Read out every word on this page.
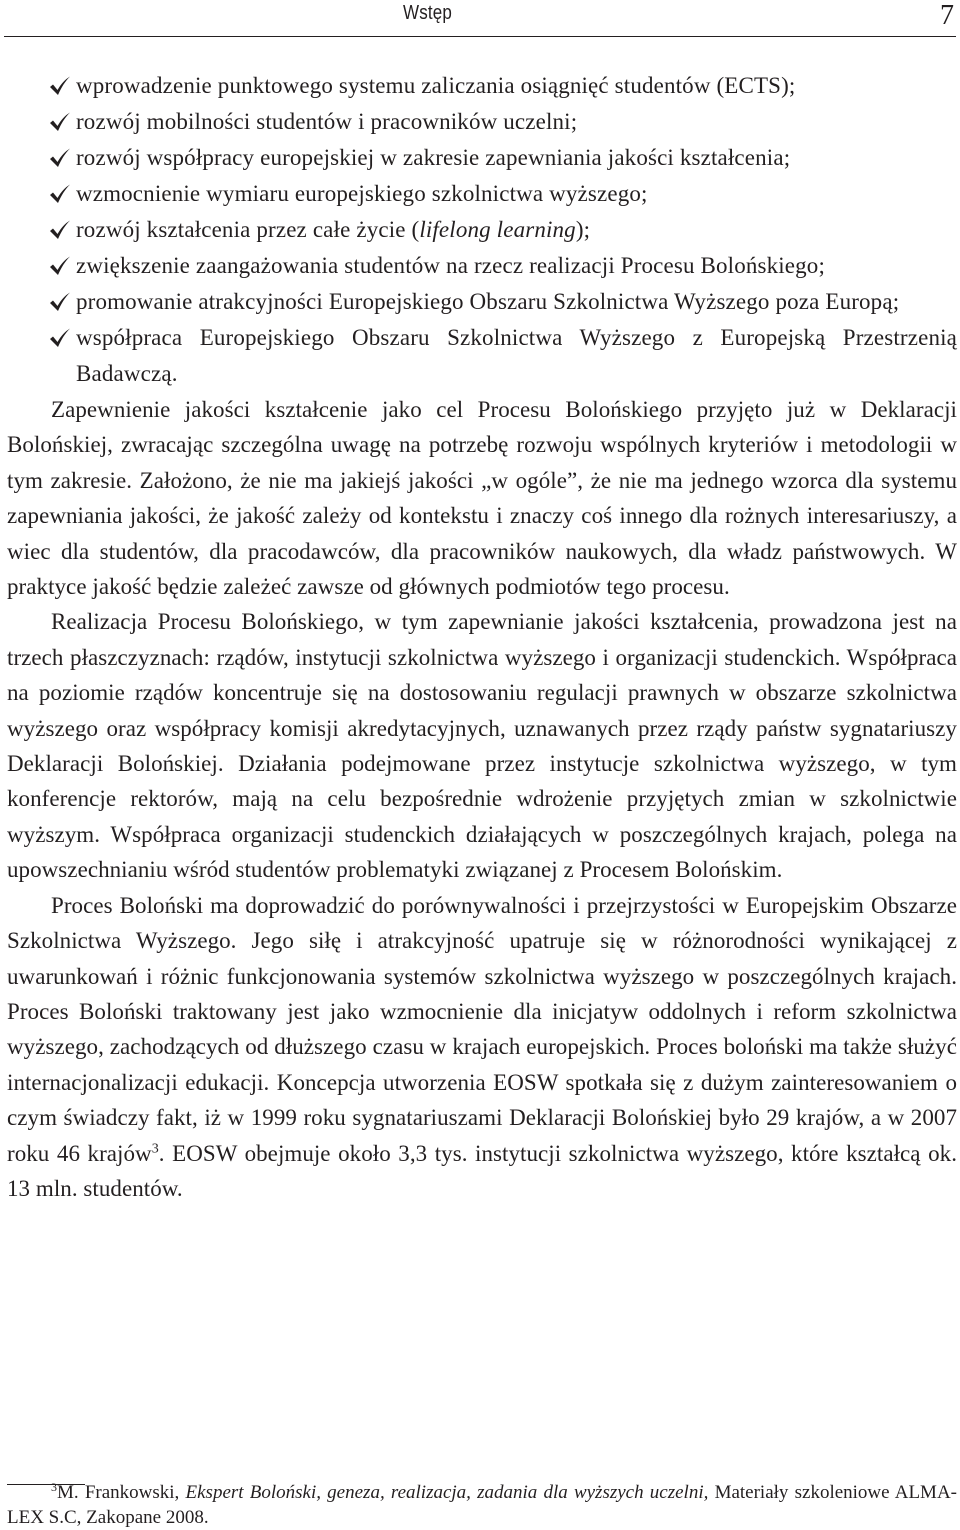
Wstęp	7
wprowadzenie punktowego systemu zaliczania osiągnięć studentów (ECTS);
rozwój mobilności studentów i pracowników uczelni;
rozwój współpracy europejskiej w zakresie zapewniania jakości kształcenia;
wzmocnienie wymiaru europejskiego szkolnictwa wyższego;
rozwój kształcenia przez całe życie (lifelong learning);
zwiększenie zaangażowania studentów na rzecz realizacji Procesu Bolońskiego;
promowanie atrakcyjności Europejskiego Obszaru Szkolnictwa Wyższego poza Europą;
współpraca Europejskiego Obszaru Szkolnictwa Wyższego z Europejską Przestrzenią Badawczą.

Zapewnienie jakości kształcenie jako cel Procesu Bolońskiego przyjęto już w Deklaracji Bolońskiej, zwracając szczególna uwagę na potrzebę rozwoju wspólnych kryteriów i metodologii w tym zakresie. Założono, że nie ma jakiejś jakości „w ogóle”, że nie ma jednego wzorca dla systemu zapewniania jakości, że jakość zależy od kontekstu i znaczy coś innego dla rożnych interesariuszy, a wiec dla studentów, dla pracodawców, dla pracowników naukowych, dla władz państwowych. W praktyce jakość będzie zależeć zawsze od głównych podmiotów tego procesu.

Realizacja Procesu Bolońskiego, w tym zapewnianie jakości kształcenia, prowadzona jest na trzech płaszczyznach: rządów, instytucji szkolnictwa wyższego i organizacji studenckich. Współpraca na poziomie rządów koncentruje się na dostosowaniu regulacji prawnych w obszarze szkolnictwa wyższego oraz współpracy komisji akredytacyjnych, uznawanych przez rządy państw sygnatariuszy Deklaracji Bolońskiej. Działania podejmowane przez instytucje szkolnictwa wyższego, w tym konferencje rektorów, mają na celu bezpośrednie wdrożenie przyjętych zmian w szkolnictwie wyższym. Współpraca organizacji studenckich działających w poszczególnych krajach, polega na upowszechnianiu wśród studentów problematyki związanej z Procesem Bolońskim.

Proces Boloński ma doprowadzić do porównywalności i przejrzystości w Europejskim Obszarze Szkolnictwa Wyższego. Jego siłę i atrakcyjność upatruje się w różnorodności wynikającej z uwarunkowań i różnic funkcjonowania systemów szkolnictwa wyższego w poszczególnych krajach. Proces Boloński traktowany jest jako wzmocnienie dla inicjatyw oddolnych i reform szkolnictwa wyższego, zachodzących od dłuższego czasu w krajach europejskich. Proces boloński ma także służyć internacjonalizacji edukacji. Koncepcja utworzenia EOSW spotkała się z dużym zainteresowaniem o czym świadczy fakt, iż w 1999 roku sygnatariuszami Deklaracji Bolońskiej było 29 krajów, a w 2007 roku 46 krajów$^3$. EOSW obejmuje około 3,3 tys. instytucji szkolnictwa wyższego, które kształcą ok. 13 mln. studentów.

$^3$M. Frankowski, Ekspert Boloński, geneza, realizacja, zadania dla wyższych uczelni, Materiały szkoleniowe ALMA-LEX S.C, Zakopane 2008.
